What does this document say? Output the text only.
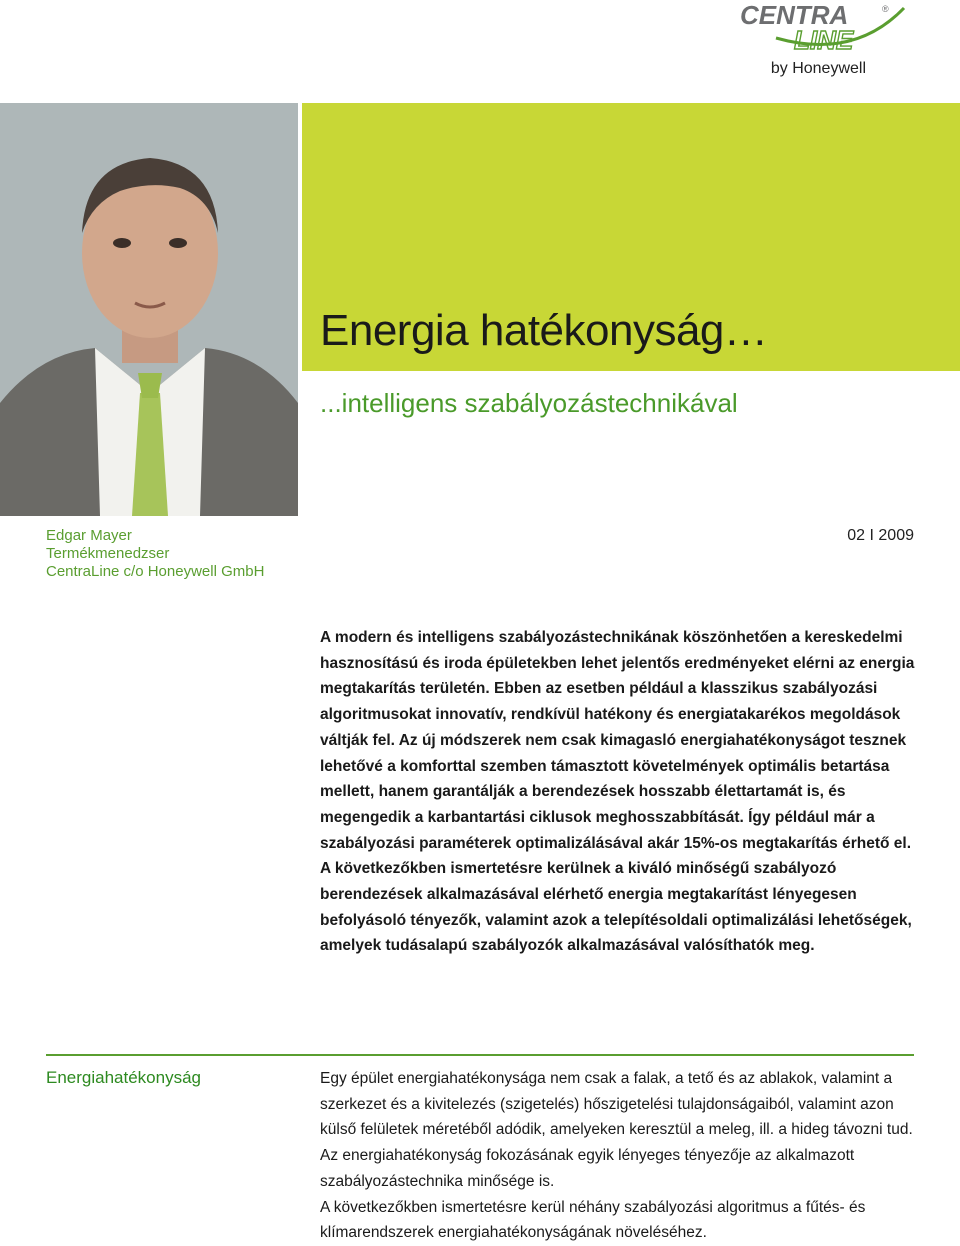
CENTRA	®
LINE
by Honeywell
Energia hatékonyság…
...intelligens szabályozástechnikával
Edgar Mayer
Termékmenedzser
CentraLine c/o Honeywell GmbH
02 I 2009

A modern és intelligens szabályozástechnikának köszönhetően a kereskedelmi hasznosítású és iroda épületekben lehet jelentős eredményeket elérni az energia megtakarítás területén. Ebben az esetben például a klasszikus szabályozási algoritmusokat innovatív, rendkívül hatékony és energiatakarékos megoldások váltják fel. Az új módszerek nem csak kimagasló energiahatékonyságot tesznek lehetővé a komforttal szemben támasztott követelmények optimális betartása mellett, hanem garantálják a berendezések hosszabb élettartamát is, és megengedik a karbantartási ciklusok meghosszabbítását. Így például már a szabályozási paraméterek optimalizálásával akár 15%-os megtakarítás érhető el. A következőkben ismertetésre kerülnek a kiváló minőségű szabályozó berendezések alkalmazásával elérhető energia megtakarítást lényegesen befolyásoló tényezők, valamint azok a telepítésoldali optimalizálási lehetőségek, amelyek tudásalapú szabályozók alkalmazásával valósíthatók meg.

Energiahatékonyság	Egy épület energiahatékonysága nem csak a falak, a tető és az ablakok, valamint a szerkezet és a kivitelezés (szigetelés) hőszigetelési tulajdonságaiból, valamint azon külső felületek méretéből adódik, amelyeken keresztül a meleg, ill. a hideg távozni tud. Az energiahatékonyság fokozásának egyik lényeges tényezője az alkalmazott szabályozástechnika minősége is.

A következőkben ismertetésre kerül néhány szabályozási algoritmus a fűtés- és klímarendszerek energiahatékonyságának növeléséhez.
